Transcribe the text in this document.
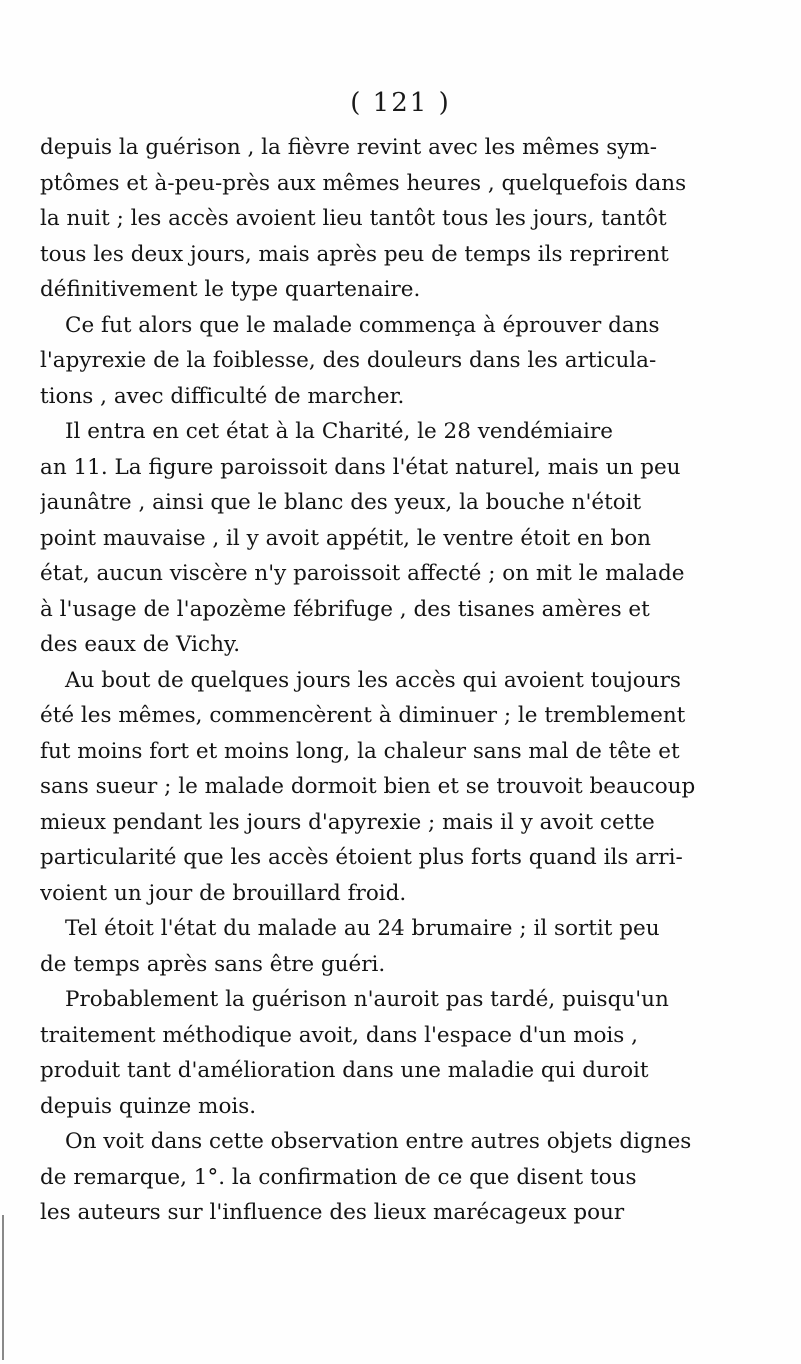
( 121 )
depuis la guérison , la fièvre revint avec les mêmes sym-
ptômes et à-peu-près aux mêmes heures , quelquefois dans
la nuit ; les accès avoient lieu tantôt tous les jours, tantôt
tous les deux jours, mais après peu de temps ils reprirent
définitivement le type quartenaire.
Ce fut alors que le malade commença à éprouver dans
l'apyrexie de la foiblesse, des douleurs dans les articula-
tions , avec difficulté de marcher.
Il entra en cet état à la Charité, le 28 vendémiaire
an 11. La figure paroissoit dans l'état naturel, mais un peu
jaunâtre , ainsi que le blanc des yeux, la bouche n'étoit
point mauvaise , il y avoit appétit, le ventre étoit en bon
état, aucun viscère n'y paroissoit affecté ; on mit le malade
à l'usage de l'apozème fébrifuge , des tisanes amères et
des eaux de Vichy.
Au bout de quelques jours les accès qui avoient toujours
été les mêmes, commencèrent à diminuer ; le tremblement
fut moins fort et moins long, la chaleur sans mal de tête et
sans sueur ; le malade dormoit bien et se trouvoit beaucoup
mieux pendant les jours d'apyrexie ; mais il y avoit cette
particularité que les accès étoient plus forts quand ils arri-
voient un jour de brouillard froid.
Tel étoit l'état du malade au 24 brumaire ; il sortit peu
de temps après sans être guéri.
Probablement la guérison n'auroit pas tardé, puisqu'un
traitement méthodique avoit, dans l'espace d'un mois ,
produit tant d'amélioration dans une maladie qui duroit
depuis quinze mois.
On voit dans cette observation entre autres objets dignes
de remarque, 1°. la confirmation de ce que disent tous
les auteurs sur l'influence des lieux marécageux pour
